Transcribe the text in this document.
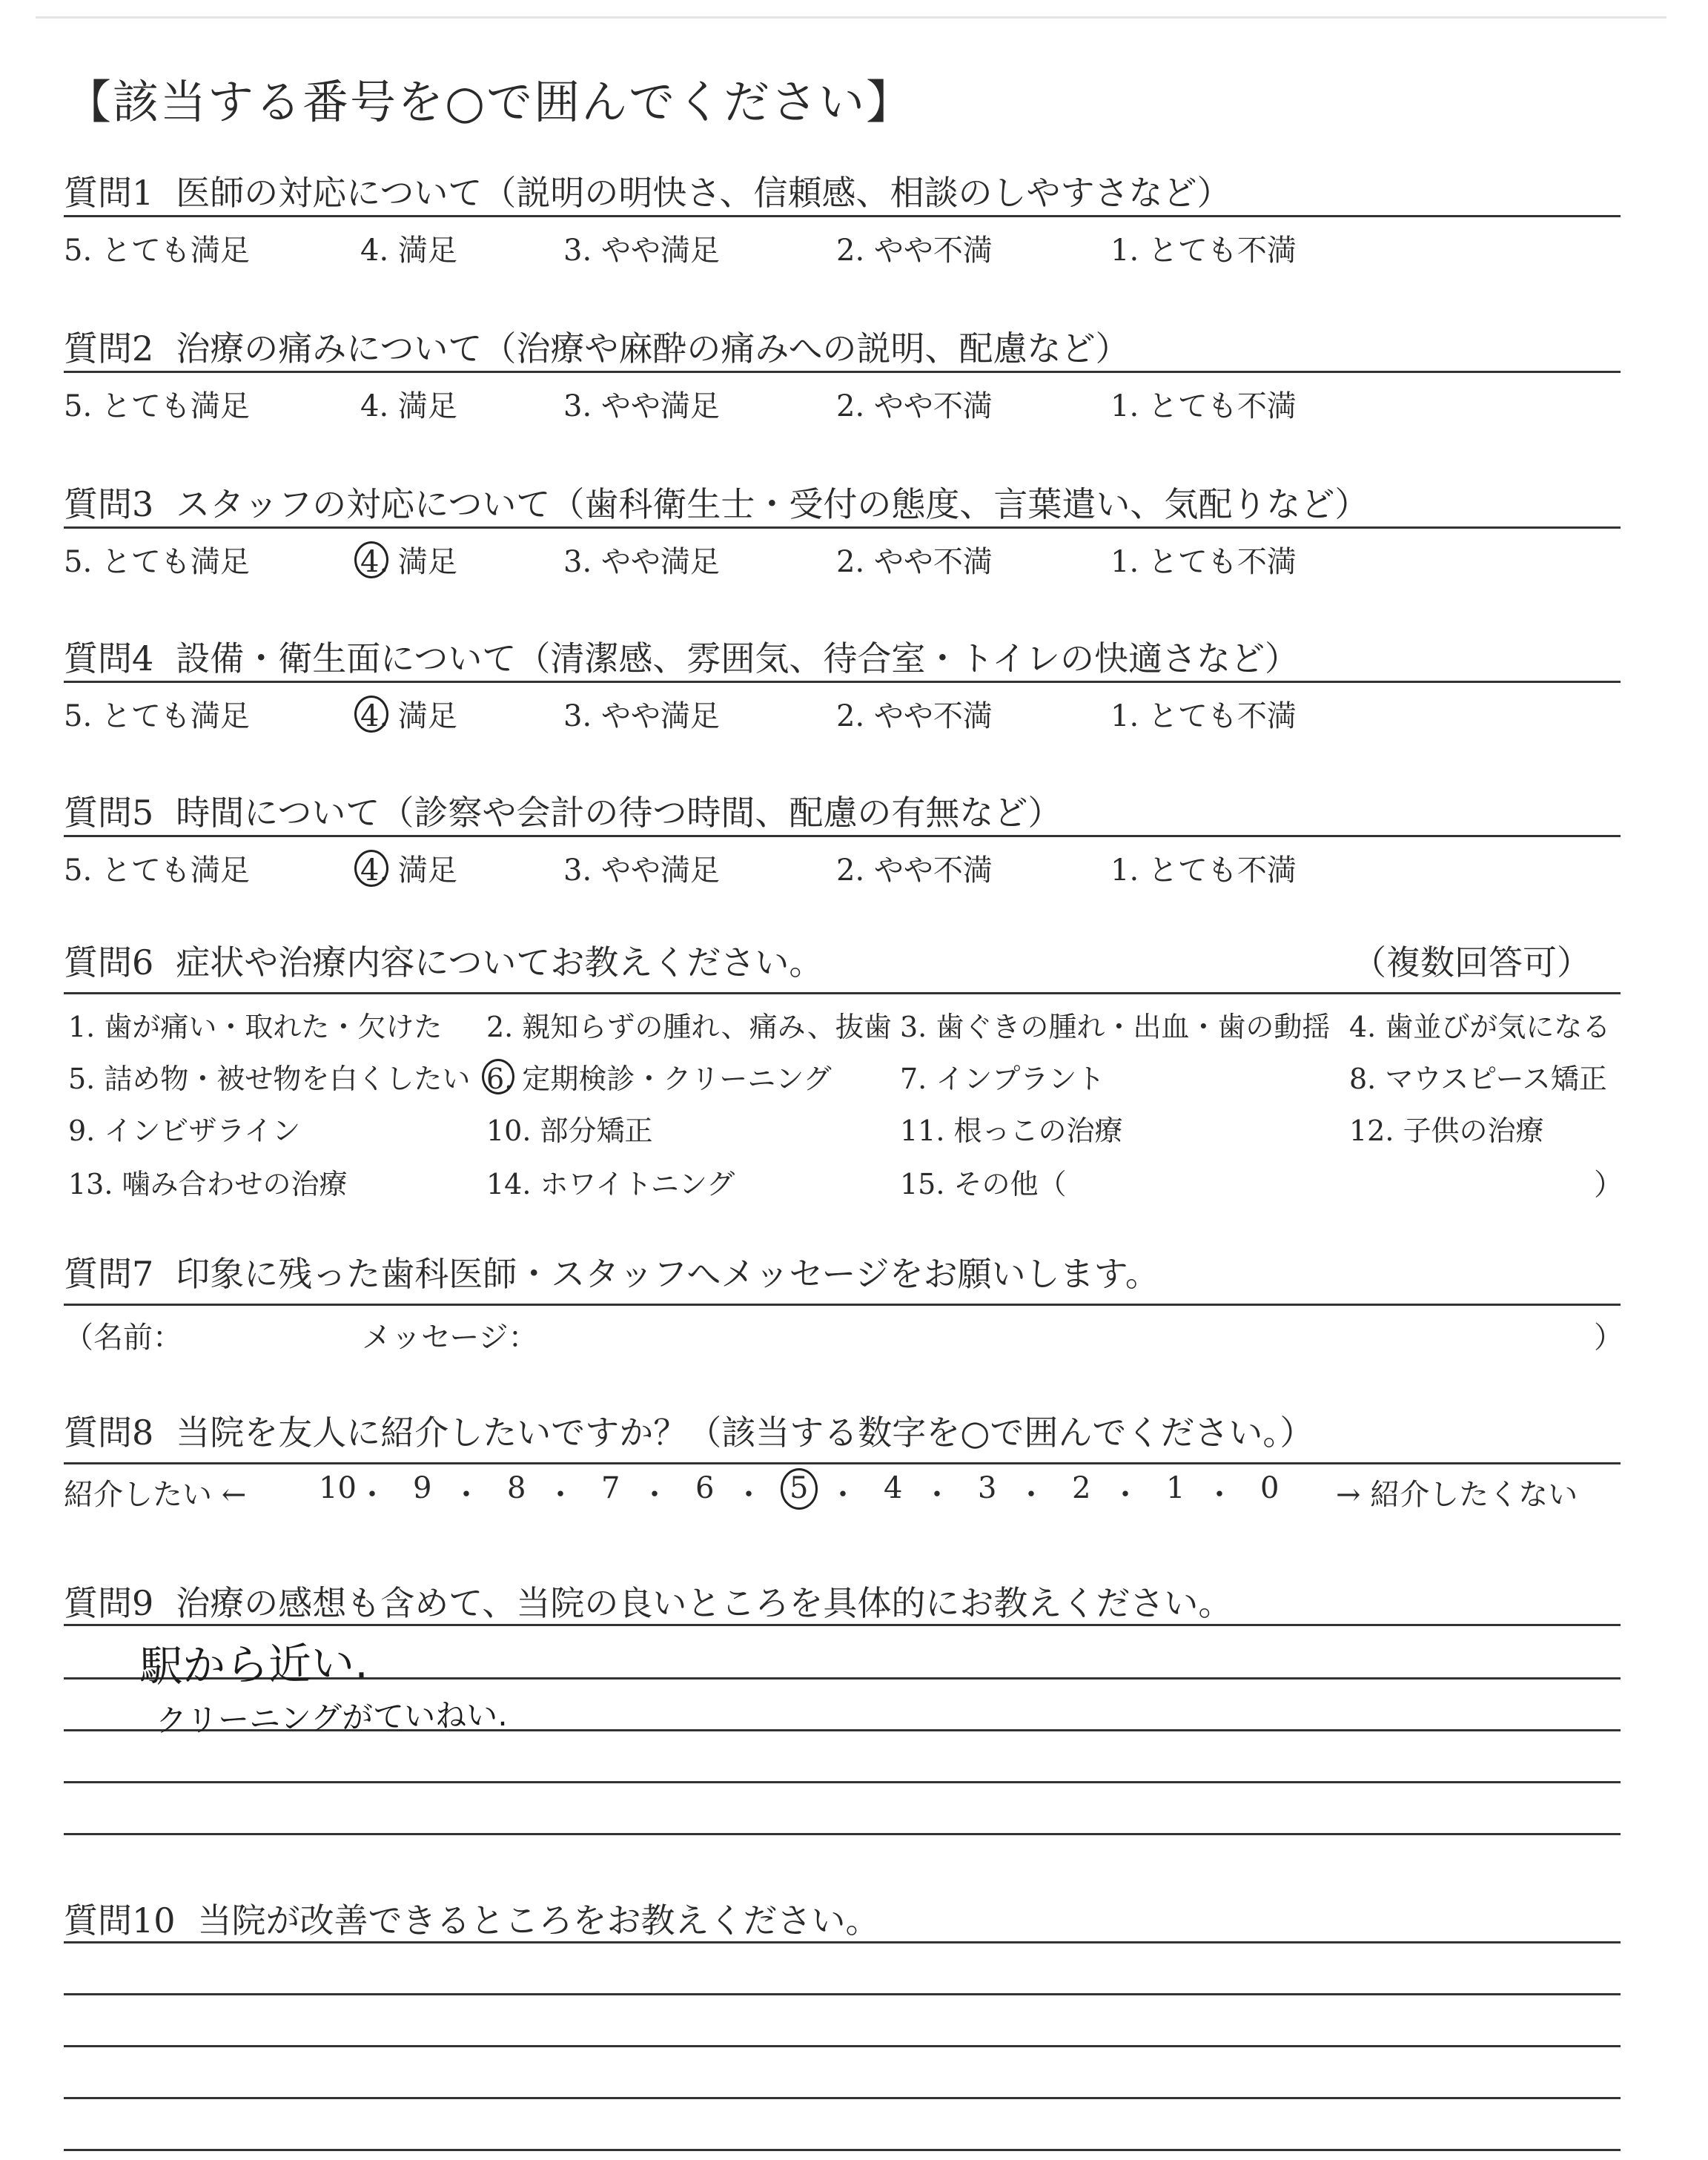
【該当する番号を○で囲んでください】
質問1 医師の対応について（説明の明快さ、信頼感、相談のしやすさなど）
5. とても満足	4. 満足	3. やや満足	2. やや不満	1. とても不満
質問2 治療の痛みについて（治療や麻酔の痛みへの説明、配慮など）
5. とても満足	4. 満足	3. やや満足	2. やや不満	1. とても不満
質問3 スタッフの対応について（歯科衛生士・受付の態度、言葉遣い、気配りなど）
5. とても満足	4. 満足	3. やや満足	2. やや不満	1. とても不満
質問4 設備・衛生面について（清潔感、雰囲気、待合室・トイレの快適さなど）
5. とても満足	4. 満足	3. やや満足	2. やや不満	1. とても不満
質問5 時間について（診察や会計の待つ時間、配慮の有無など）
5. とても満足	4. 満足	3. やや満足	2. やや不満	1. とても不満
質問6 症状や治療内容についてお教えください。	（複数回答可）
1. 歯が痛い・取れた・欠けた 2. 親知らずの腫れ、痛み、抜歯 3. 歯ぐきの腫れ・出血・歯の動揺 4. 歯並びが気になる
5. 詰め物・被せ物を白くしたい 6. 定期検診・クリーニング 7. インプラント	8. マウスピース矯正
9. インビザライン	10. 部分矯正	11. 根っこの治療	12. 子供の治療
13. 噛み合わせの治療	14. ホワイトニング	15. その他（	）
質問7 印象に残った歯科医師・スタッフへメッセージをお願いします。
（名前：	メッセージ：	）
質問8 当院を友人に紹介したいですか？（該当する数字を○で囲んでください。）
紹介したい ← 10 ・ 9 ・ 8 ・ 7 ・ 6 ・ 5 ・ 4 ・ 3 ・ 2 ・ 1 ・ 0 → 紹介したくない
質問9 治療の感想も含めて、当院の良いところを具体的にお教えください。
駅から近い.
クリーニングがていねい.
質問10 当院が改善できるところをお教えください。
